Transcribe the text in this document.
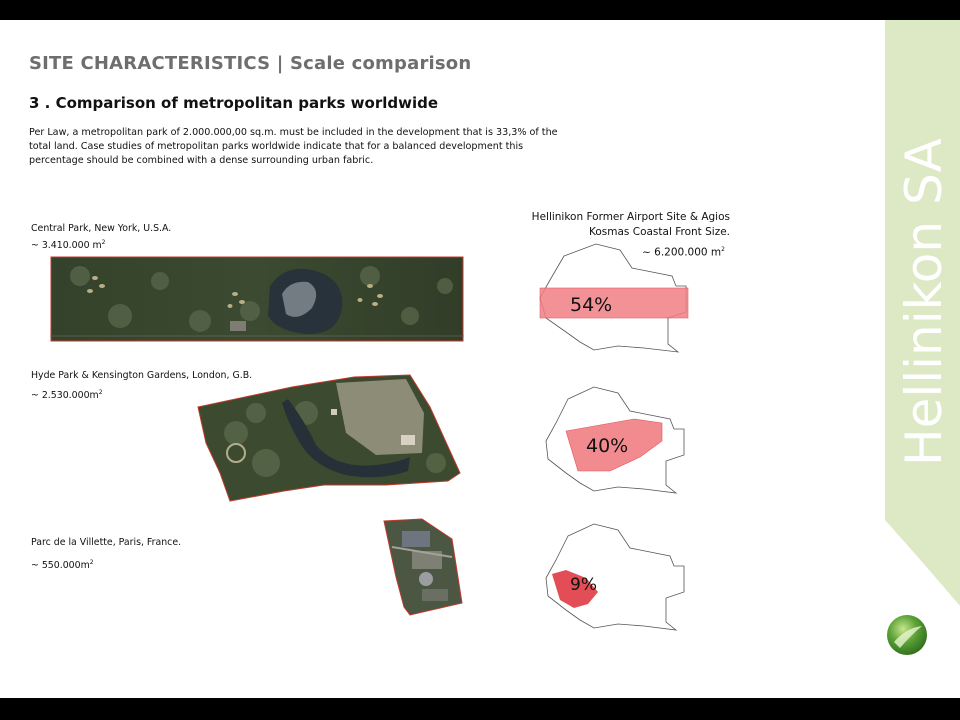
SITE CHARACTERISTICS | Scale comparison
3 . Comparison of metropolitan parks worldwide

Per Law, a metropolitan park of 2.000.000,00 sq.m. must be included in the development that is 33,3% of the

total land. Case studies of metropolitan parks worldwide indicate that for a balanced development this

percentage should be combined with a dense surrounding urban fabric.

Central Park, New York, U.S.A.
~ 3.410.000 $m^2$
Hyde Park & Kensington Gardens, London, G.B.
~ $2.530.000m^2$
Parc de la Villette, Paris, France.
~ $550.000m^2$
Hellinikon Former Airport Site & Agios
Kosmas Coastal Front Size.
~ 6.200.000 $m^2$
54%
40%
9%
Hellinikon SA
